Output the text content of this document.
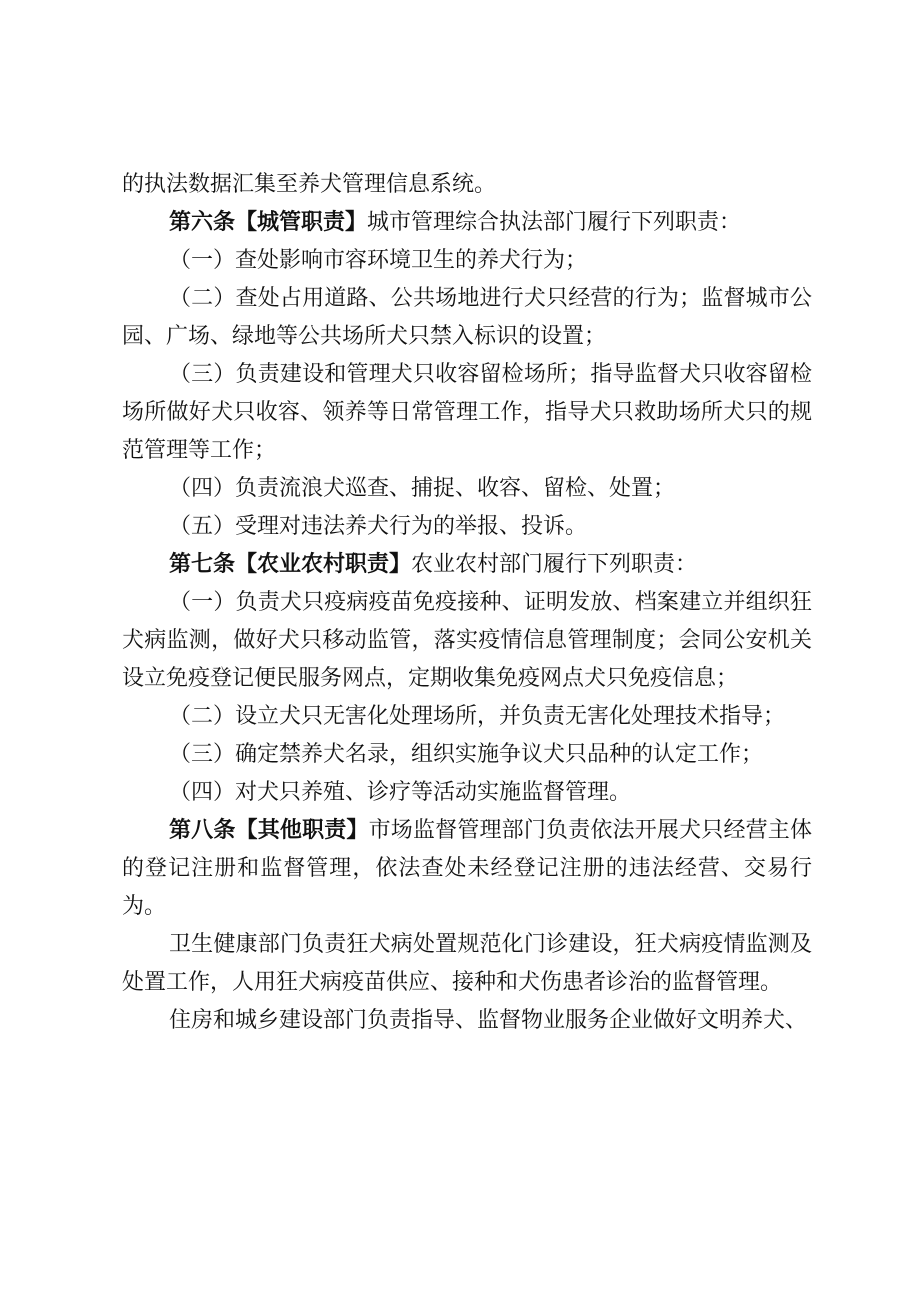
的执法数据汇集至养犬管理信息系统。

第六条【城管职责】城市管理综合执法部门履行下列职责：

（一）查处影响市容环境卫生的养犬行为；

（二）查处占用道路、公共场地进行犬只经营的行为；监督城市公园、广场、绿地等公共场所犬只禁入标识的设置；

（三）负责建设和管理犬只收容留检场所；指导监督犬只收容留检场所做好犬只收容、领养等日常管理工作，指导犬只救助场所犬只的规范管理等工作；

（四）负责流浪犬巡查、捕捉、收容、留检、处置；

（五）受理对违法养犬行为的举报、投诉。

第七条【农业农村职责】农业农村部门履行下列职责：

（一）负责犬只疫病疫苗免疫接种、证明发放、档案建立并组织狂犬病监测，做好犬只移动监管，落实疫情信息管理制度；会同公安机关设立免疫登记便民服务网点，定期收集免疫网点犬只免疫信息；

（二）设立犬只无害化处理场所，并负责无害化处理技术指导；

（三）确定禁养犬名录，组织实施争议犬只品种的认定工作；

（四）对犬只养殖、诊疗等活动实施监督管理。

第八条【其他职责】市场监督管理部门负责依法开展犬只经营主体的登记注册和监督管理，依法查处未经登记注册的违法经营、交易行为。

卫生健康部门负责狂犬病处置规范化门诊建设，狂犬病疫情监测及处置工作，人用狂犬病疫苗供应、接种和犬伤患者诊治的监督管理。

住房和城乡建设部门负责指导、监督物业服务企业做好文明养犬、
